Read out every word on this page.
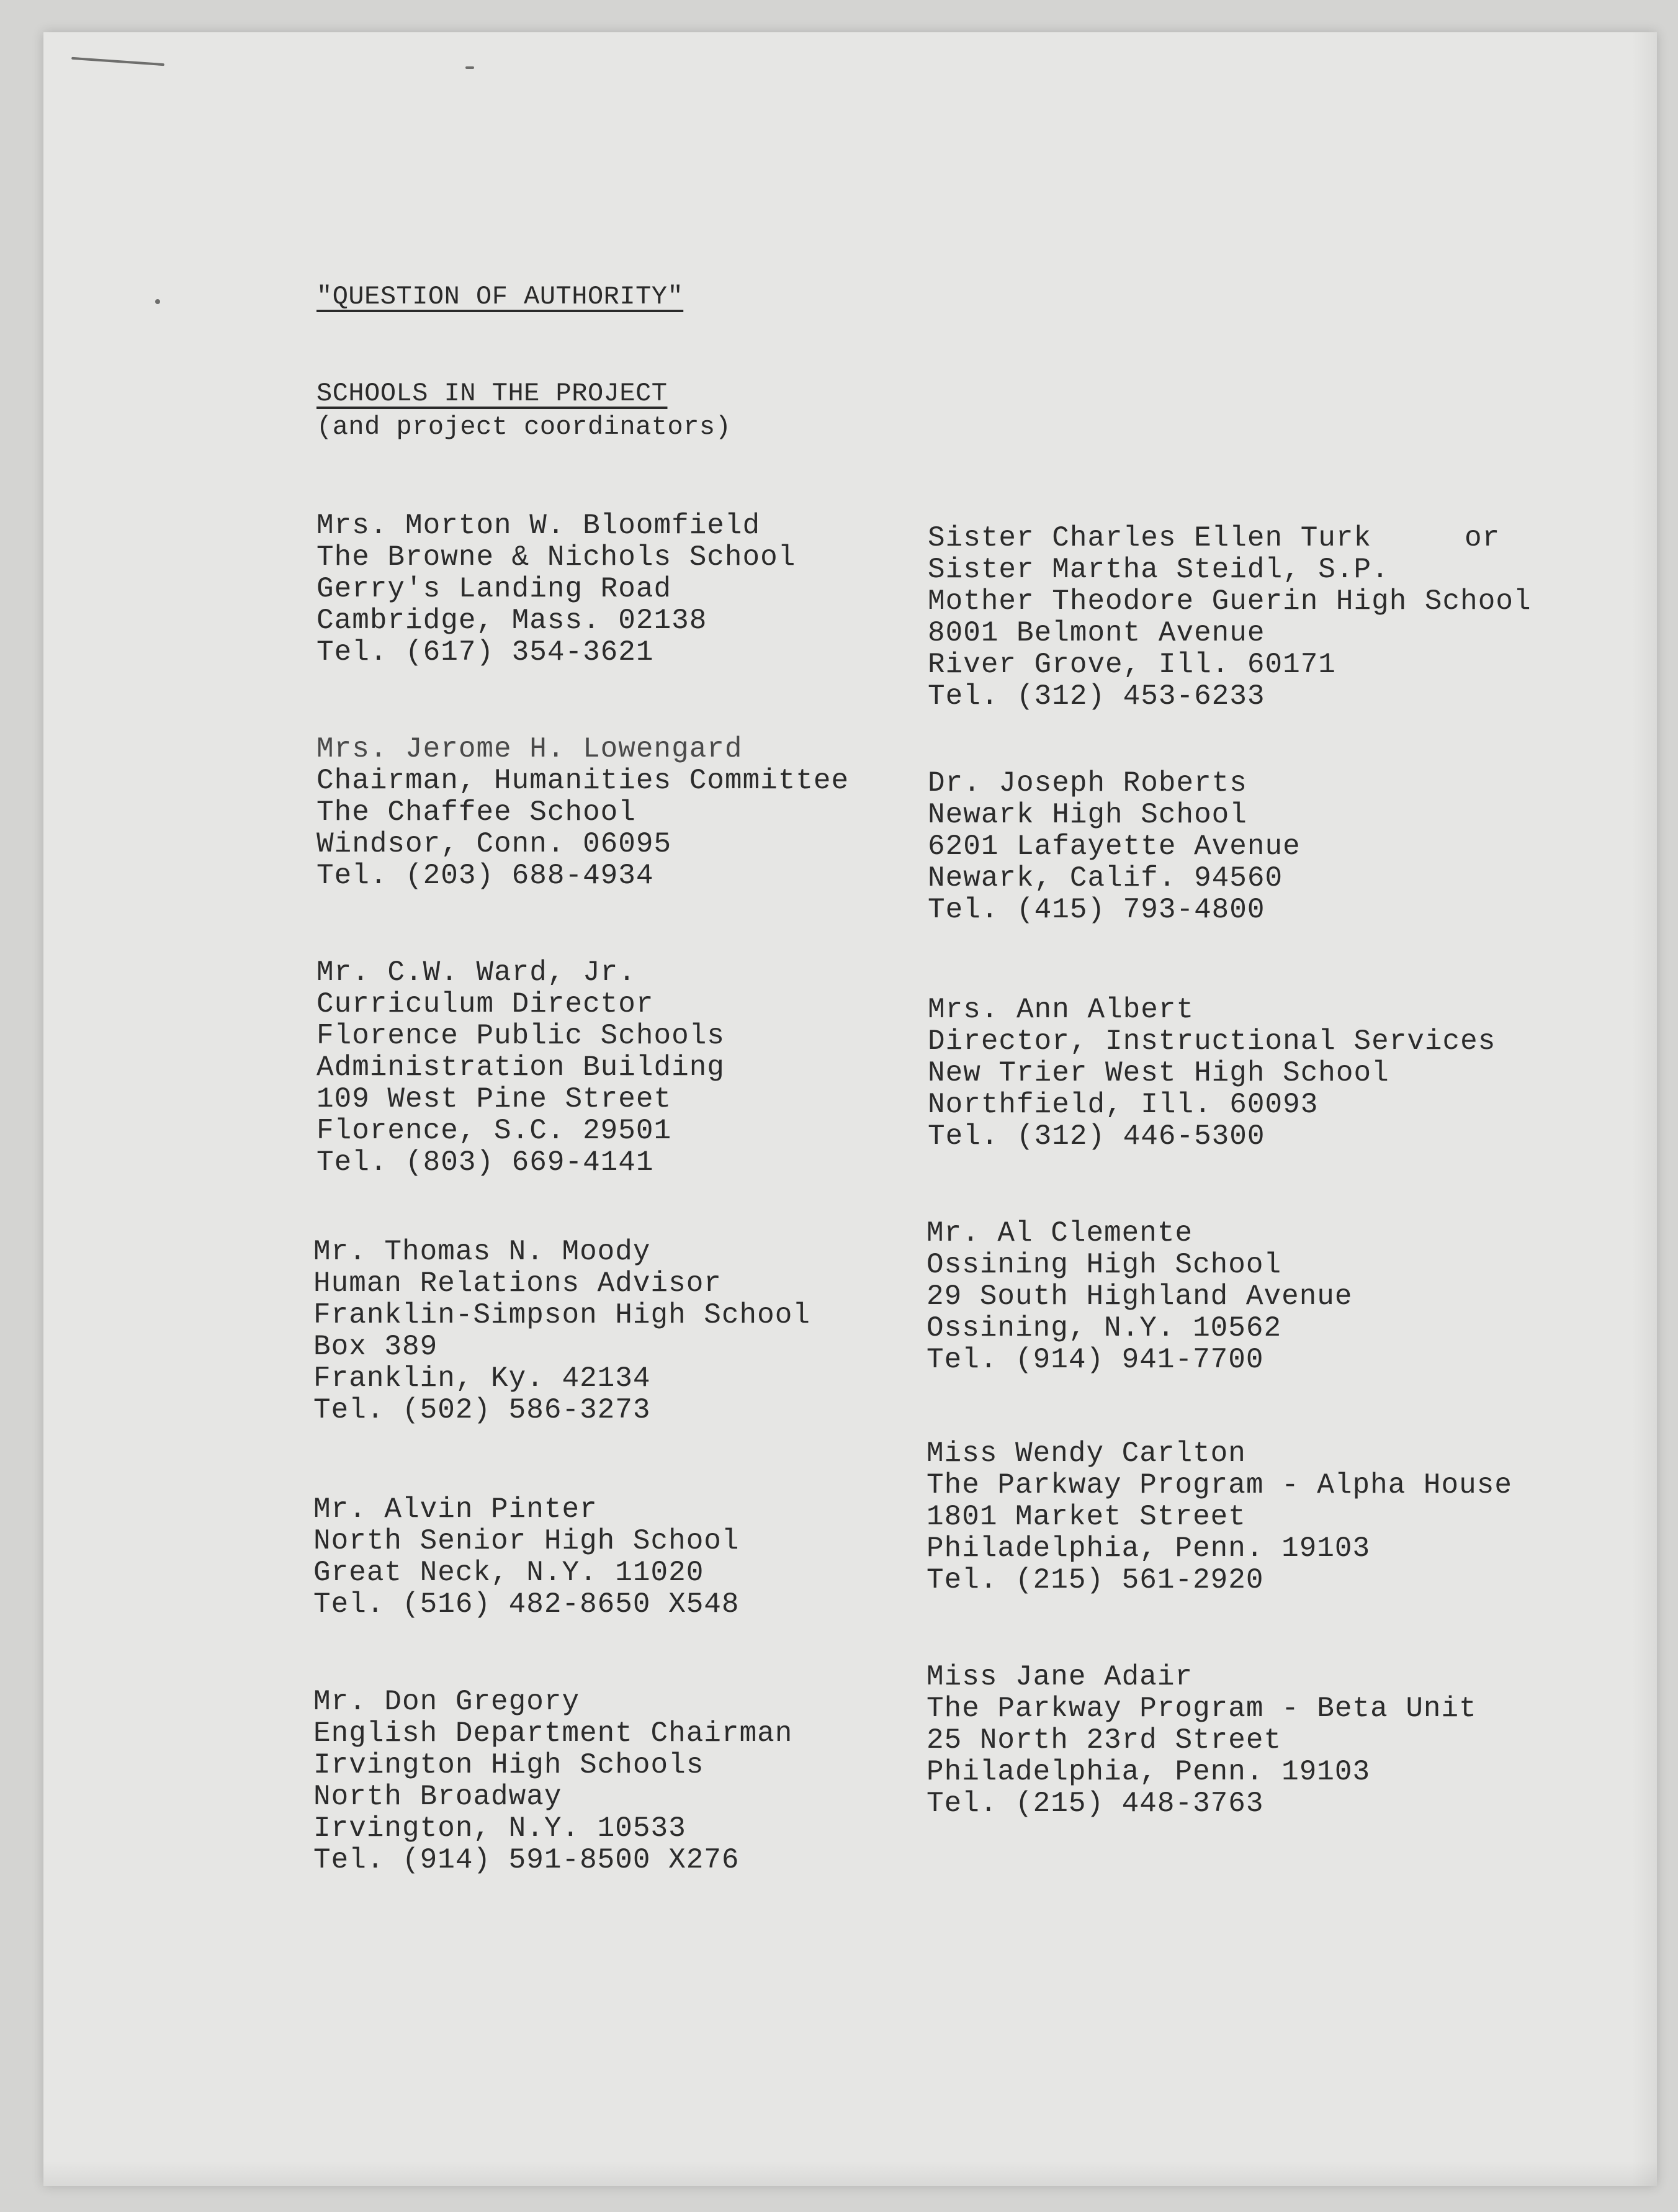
"QUESTION OF AUTHORITY"
SCHOOLS IN THE PROJECT
(and project coordinators)
Mrs. Morton W. Bloomfield
The Browne & Nichols School
Gerry's Landing Road
Cambridge, Mass. 02138
Tel. (617) 354-3621
Mrs. Jerome H. Lowengard
Chairman, Humanities Committee
The Chaffee School
Windsor, Conn. 06095
Tel. (203) 688-4934
Mr. C.W. Ward, Jr.
Curriculum Director
Florence Public Schools
Administration Building
109 West Pine Street
Florence, S.C. 29501
Tel. (803) 669-4141
Mr. Thomas N. Moody
Human Relations Advisor
Franklin-Simpson High School
Box 389
Franklin, Ky. 42134
Tel. (502) 586-3273
Mr. Alvin Pinter
North Senior High School
Great Neck, N.Y. 11020
Tel. (516) 482-8650 X548
Mr. Don Gregory
English Department Chairman
Irvington High Schools
North Broadway
Irvington, N.Y. 10533
Tel. (914) 591-8500 X276
Sister Charles Ellen Turk
Sister Martha Steidl, S.P.
Mother Theodore Guerin High School
8001 Belmont Avenue
River Grove, Ill. 60171
Tel. (312) 453-6233
or
Dr. Joseph Roberts
Newark High School
6201 Lafayette Avenue
Newark, Calif. 94560
Tel. (415) 793-4800
Mrs. Ann Albert
Director, Instructional Services
New Trier West High School
Northfield, Ill. 60093
Tel. (312) 446-5300
Mr. Al Clemente
Ossining High School
29 South Highland Avenue
Ossining, N.Y. 10562
Tel. (914) 941-7700
Miss Wendy Carlton
The Parkway Program - Alpha House
1801 Market Street
Philadelphia, Penn. 19103
Tel. (215) 561-2920
Miss Jane Adair
The Parkway Program - Beta Unit
25 North 23rd Street
Philadelphia, Penn. 19103
Tel. (215) 448-3763
